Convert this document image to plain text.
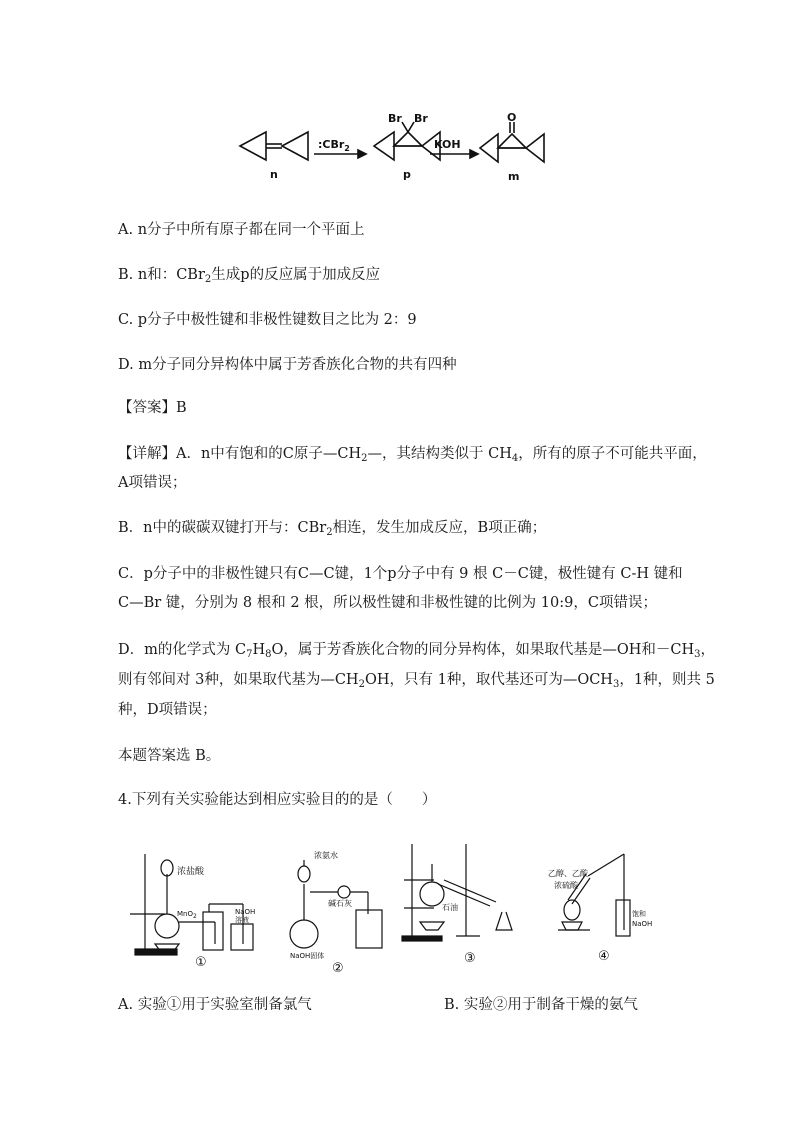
:CBr$_2$	KOH
n	p	m
Br Br	O
A. n分子中所有原子都在同一个平面上
B. n和：CBr$_2$生成p的反应属于加成反应
C. p分子中极性键和非极性键数目之比为 2：9
D. m分子同分异构体中属于芳香族化合物的共有四种
【答案】B
【详解】A．n中有饱和的C原子$—CH_2—$，其结构类似于 $CH_4$，所有的原子不可能共平面，
A项错误；
B．n中的碳碳双键打开与：CBr$_2$相连，发生加成反应，B项正确；
C．p分子中的非极性键只有C—C键，1个p分子中有 9 根 C－C键，极性键有 C-H 键和
C—Br 键，分别为 8 根和 2 根，所以极性键和非极性键的比例为 10:9，C项错误；
D．m的化学式为 $C_7H_8O$，属于芳香族化合物的同分异构体，如果取代基是—OH和$-CH_3$，
则有邻间对 3种，如果取代基为$—CH_2OH$，只有 1种，取代基还可为$—OCH_3$，1种，则共 5
种，D项错误；
本题答案选 B。
4.下列有关实验能达到相应实验目的的是（　　）
浓盐酸
MnO2
NaOH
溶液
①
浓氨水
碱石灰
NaOH固体
②
石油
③
乙醇、乙酸
浓硫酸
饱和
NaOH
④
A. 实验①用于实验室制备氯气	B. 实验②用于制备干燥的氨气
